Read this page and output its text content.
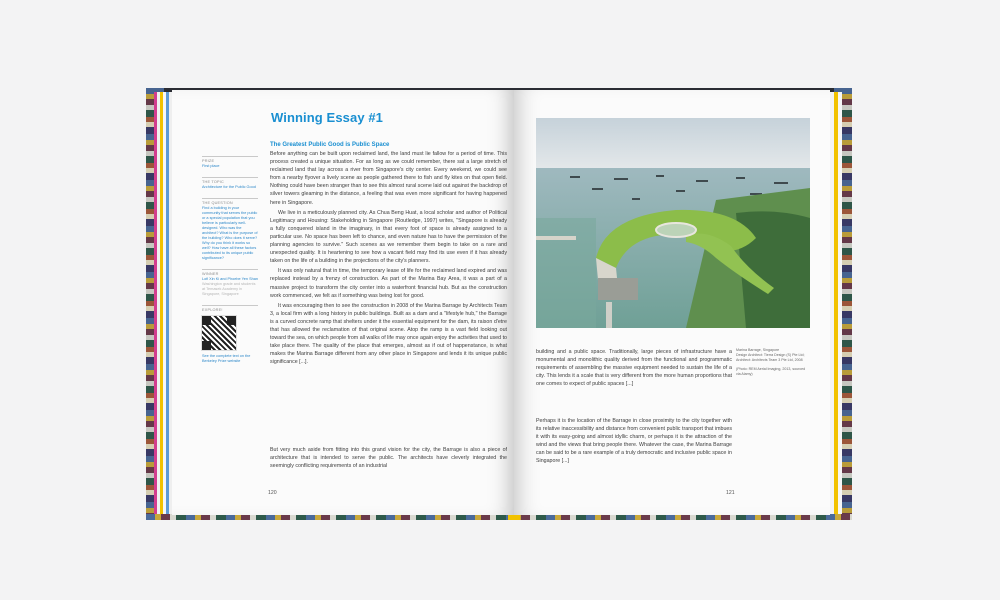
Winning Essay #1
PRIZE
First place
THE TOPIC
Architecture for the Public Good
THE QUESTION
Find a building in your community that serves the public or a special population that you believe is particularly well-designed. Who was the architect? What is the purpose of the building? Who does it serve? Why do you think it works so well? How have all these factors contributed to its unique public significance?
WINNER
Lofi Xin Ki and Phoebe Yen Shan
Washington grade and students at Temasek Academy in Singapore, Singapore
EXPLORE!
See the complete text on the Berkeley Prize website
The Greatest Public Good is Public Space

Before anything can be built upon reclaimed land, the land must lie fallow for a period of time. This process created a unique situation. For as long as we could remember, there sat a large stretch of reclaimed land that lay across a river from Singapore's city center. Every weekend, we could see from a nearby flyover a lively scene as people gathered there to fish and fly kites on that open field. Nothing could have been stranger than to see this almost rural scene laid out against the backdrop of silver towers gleaming in the distance, a feeling that was even more significant for having happened here in Singapore.

We live in a meticulously planned city. As Chua Beng Huat, a local scholar and author of Political Legitimacy and Housing: Stakeholding in Singapore (Routledge, 1997) writes, "Singapore is already a fully conquered island in the imaginary, in that every foot of space is already assigned to a particular use. No space has been left to chance, and even nature has to have the permission of the planning agencies to survive." Such scenes as we remember them begin to take on a rare and unexpected quality. It is heartening to see how a vacant field may find its use even if it has already taken on the life of a building in the projections of the city's planners.

It was only natural that in time, the temporary lease of life for the reclaimed land expired and was replaced instead by a frenzy of construction. As part of the Marina Bay Area, it was a part of a massive project to transform the city center into a waterfront financial hub. But as the construction work commenced, we felt as if something was being lost for good.

It was encouraging then to see the construction in 2008 of the Marina Barrage by Architects Team 3, a local firm with a long history in public buildings. Built as a dam and a "lifestyle hub," the Barrage is a curved concrete ramp that shelters under it the essential equipment for the dam, its raison d'etre that has allowed the reclamation of that original scene. Atop the ramp is a vast field looking out toward the sea, on which people from all walks of life may once again enjoy the activities that used to take place there. The quality of the place that emerges, almost as if out of happenstance, is what makes the Marina Barrage different from any other place in Singapore and lends it its unique public significance [...].

But very much aside from fitting into this grand vision for the city, the Barrage is also a piece of architecture that is intended to serve the public. The architects have cleverly integrated the seemingly conflicting requirements of an industrial

120
Marina Barrage, Singapore
Design Architect: Tierra Design (S) Pte Ltd; Architect: Architects Team 3 Pte Ltd, 2008
(Photo: REM Aerial Imaging, 2013, sourced via Alamy)

building and a public space. Traditionally, large pieces of infrastructure have a monumental and monolithic quality derived from the functional and programmatic requirements of assembling the massive equipment needed to sustain the life of a city. This lends it a scale that is very different from the more human proportions that one comes to expect of public spaces [...]

Perhaps it is the location of the Barrage in close proximity to the city together with its relative inaccessibility and distance from convenient public transport that imbues it with its easy-going and almost idyllic charm, or perhaps it is the attraction of the wind and the views that bring people there. Whatever the case, the Marina Barrage can be said to be a rare example of a truly democratic and inclusive public space in Singapore [...]

121
